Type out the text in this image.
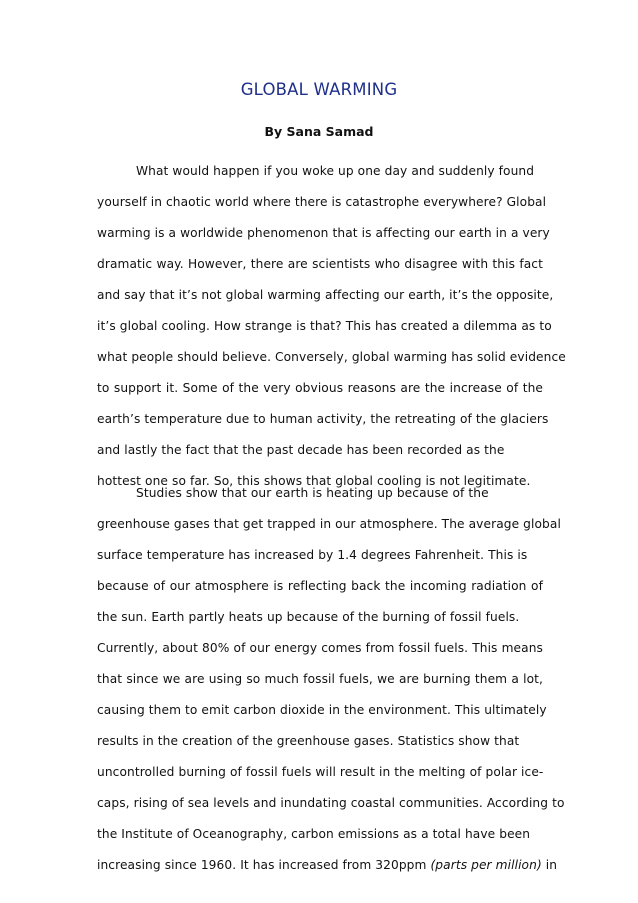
GLOBAL WARMING

By Sana Samad

What would happen if you woke up one day and suddenly found
yourself in chaotic world where there is catastrophe everywhere? Global
warming is a worldwide phenomenon that is affecting our earth in a very
dramatic way. However, there are scientists who disagree with this fact
and say that it’s not global warming affecting our earth, it’s the opposite,
it’s global cooling. How strange is that? This has created a dilemma as to
what people should believe. Conversely, global warming has solid evidence
to support it. Some of the very obvious reasons are the increase of the
earth’s temperature due to human activity, the retreating of the glaciers
and lastly the fact that the past decade has been recorded as the
hottest one so far. So, this shows that global cooling is not legitimate.
Studies show that our earth is heating up because of the
greenhouse gases that get trapped in our atmosphere. The average global
surface temperature has increased by 1.4 degrees Fahrenheit. This is
because of our atmosphere is reflecting back the incoming radiation of
the sun. Earth partly heats up because of the burning of fossil fuels.
Currently, about 80% of our energy comes from fossil fuels. This means
that since we are using so much fossil fuels, we are burning them a lot,
causing them to emit carbon dioxide in the environment. This ultimately
results in the creation of the greenhouse gases. Statistics show that
uncontrolled burning of fossil fuels will result in the melting of polar ice-
caps, rising of sea levels and inundating coastal communities. According to
the Institute of Oceanography, carbon emissions as a total have been
increasing since 1960. It has increased from 320ppm (parts per million) in
